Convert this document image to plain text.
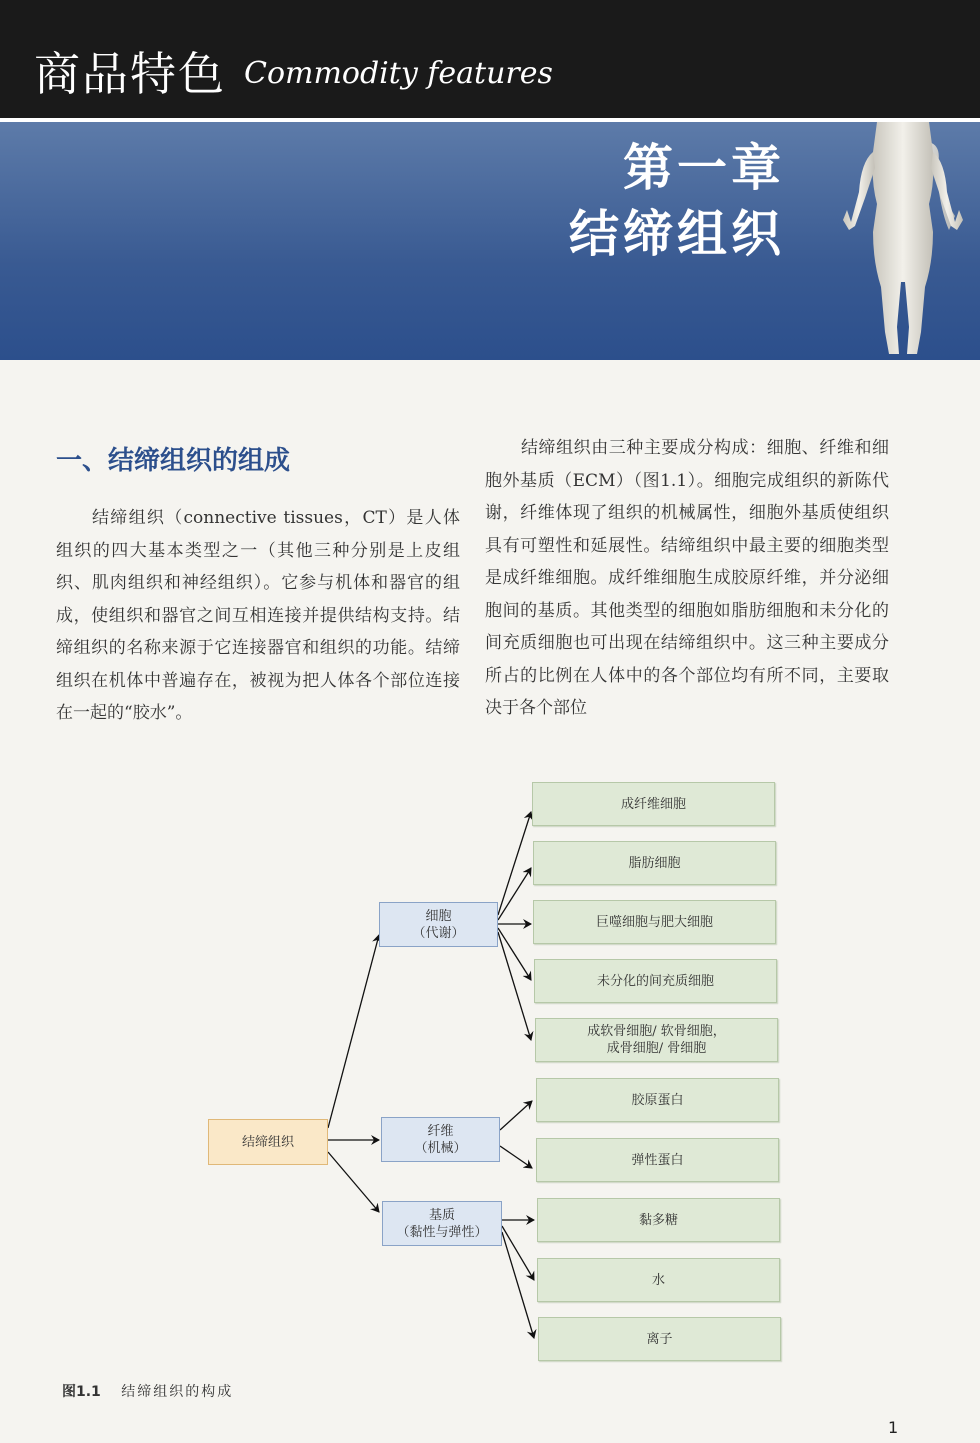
商品特色 Commodity features
第一章
结缔组织
一、结缔组织的组成
结缔组织（connective tissues，CT）是人体组织的四大基本类型之一（其他三种分别是上皮组织、肌肉组织和神经组织）。它参与机体和器官的组成，使组织和器官之间互相连接并提供结构支持。结缔组织的名称来源于它连接器官和组织的功能。结缔组织在机体中普遍存在，被视为把人体各个部位连接在一起的“胶水”。
结缔组织由三种主要成分构成：细胞、纤维和细胞外基质（ECM）（图1.1）。细胞完成组织的新陈代谢，纤维体现了组织的机械属性，细胞外基质使组织具有可塑性和延展性。结缔组织中最主要的细胞类型是成纤维细胞。成纤维细胞生成胶原纤维，并分泌细胞间的基质。其他类型的细胞如脂肪细胞和未分化的间充质细胞也可出现在结缔组织中。这三种主要成分所占的比例在人体中的各个部位均有所不同，主要取决于各个部位
结缔组织
细胞
（代谢）
纤维
（机械）
基质
（黏性与弹性）
成纤维细胞
脂肪细胞
巨噬细胞与肥大细胞
未分化的间充质细胞
成软骨细胞/ 软骨细胞，
成骨细胞/ 骨细胞
胶原蛋白
弹性蛋白
黏多糖
水
离子
图1.1 结缔组织的构成
1
